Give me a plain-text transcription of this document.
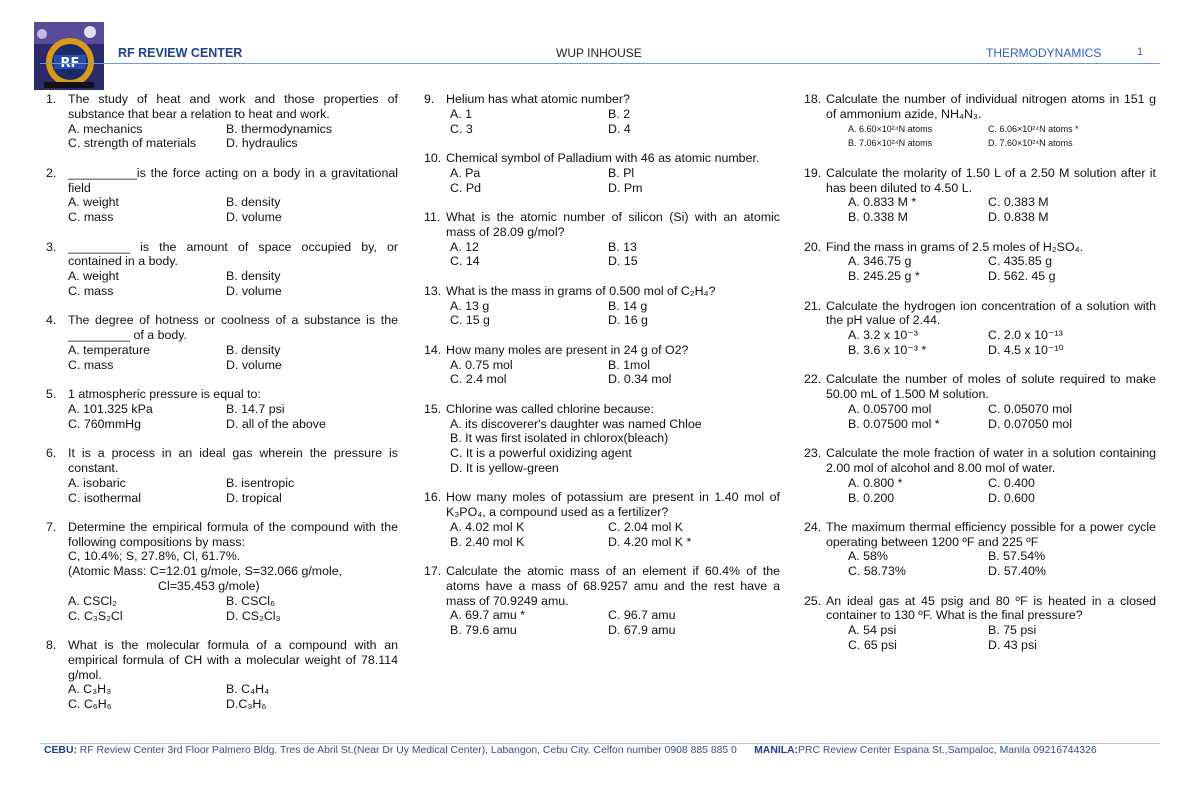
RF
RF REVIEW CENTER	WUP INHOUSE	THERMODYNAMICS	1
1. The study of heat and work and those properties of substance that bear a relation to heat and work.
A. mechanics	B. thermodynamics
C. strength of materials	D. hydraulics
2. __________is the force acting on a body in a gravitational field
A. weight	B. density
C. mass	D. volume
3. _________ is the amount of space occupied by, or contained in a body.
A. weight	B. density
C. mass	D. volume
4. The degree of hotness or coolness of a substance is the _________ of a body.
A. temperature	B. density
C. mass	D. volume
5. 1 atmospheric pressure is equal to:
A. 101.325 kPa	B. 14.7 psi
C. 760mmHg	D. all of the above
6. It is a process in an ideal gas wherein the pressure is constant.
A. isobaric	B. isentropic
C. isothermal	D. tropical
7. Determine the empirical formula of the compound with the following compositions by mass:
C, 10.4%; S, 27.8%, Cl, 61.7%.
(Atomic Mass: C=12.01 g/mole, S=32.066 g/mole,
Cl=35.453 g/mole)
A. CSCl₂	B. CSCl₆
C. C₃S₂Cl	D. CS₂Cl₃
8. What is the molecular formula of a compound with an empirical formula of CH with a molecular weight of 78.114 g/mol.
A. C₃H₃	B. C₄H₄
C. C₆H₆	D.C₃H₆
9. Helium has what atomic number?
A. 1	B. 2
C. 3	D. 4
10. Chemical symbol of Palladium with 46 as atomic number.
A. Pa	B. Pl
C. Pd	D. Pm
11. What is the atomic number of silicon (Si) with an atomic mass of 28.09 g/mol?
A. 12	B. 13
C. 14	D. 15
13. What is the mass in grams of 0.500 mol of C₂H₄?
A. 13 g	B. 14 g
C. 15 g	D. 16 g
14. How many moles are present in 24 g of O2?
A. 0.75 mol	B. 1mol
C. 2.4 mol	D. 0.34 mol
15. Chlorine was called chlorine because:
A. its discoverer's daughter was named Chloe
B. It was first isolated in chlorox(bleach)
C. It is a powerful oxidizing agent
D. It is yellow-green
16. How many moles of potassium are present in 1.40 mol of K₃PO₄, a compound used as a fertilizer?
A. 4.02 mol K	C. 2.04 mol K
B. 2.40 mol K	D. 4.20 mol K *
17. Calculate the atomic mass of an element if 60.4% of the atoms have a mass of 68.9257 amu and the rest have a mass of 70.9249 amu.
A. 69.7 amu *	C. 96.7 amu
B. 79.6 amu	D. 67.9 amu
18. Calculate the number of individual nitrogen atoms in 151 g of ammonium azide, NH₄N₃.
A. 6.60×10²⁴N atoms	C. 6.06×10²⁴N atoms *
B. 7.06×10²⁴N atoms	D. 7.60×10²⁴N atoms
19. Calculate the molarity of 1.50 L of a 2.50 M solution after it has been diluted to 4.50 L.
A. 0.833 M *	C. 0.383 M
B. 0.338 M	D. 0.838 M
20. Find the mass in grams of 2.5 moles of H₂SO₄.
A. 346.75 g	C. 435.85 g
B. 245.25 g *	D. 562. 45 g
21. Calculate the hydrogen ion concentration of a solution with the pH value of 2.44.
A. 3.2 x 10⁻³	C. 2.0 x 10⁻¹³
B. 3.6 x 10⁻³ *	D. 4.5 x 10⁻¹⁰
22. Calculate the number of moles of solute required to make 50.00 mL of 1.500 M solution.
A. 0.05700 mol	C. 0.05070 mol
B. 0.07500 mol *	D. 0.07050 mol
23. Calculate the mole fraction of water in a solution containing 2.00 mol of alcohol and 8.00 mol of water.
A. 0.800 *	C. 0.400
B. 0.200	D. 0.600
24. The maximum thermal efficiency possible for a power cycle operating between 1200 ºF and 225 ºF
A. 58%	B. 57.54%
C. 58.73%	D. 57.40%
25. An ideal gas at 45 psig and 80 ºF is heated in a closed container to 130 ºF. What is the final pressure?
A. 54 psi	B. 75 psi
C. 65 psi	D. 43 psi
CEBU: RF Review Center 3rd Floor Palmero Bldg. Tres de Abril St.(Near Dr Uy Medical Center), Labangon, Cebu City. Celfon number 0908 885 885 0 MANILA:PRC Review Center Espana St.,Sampaloc, Manila 09216744326
